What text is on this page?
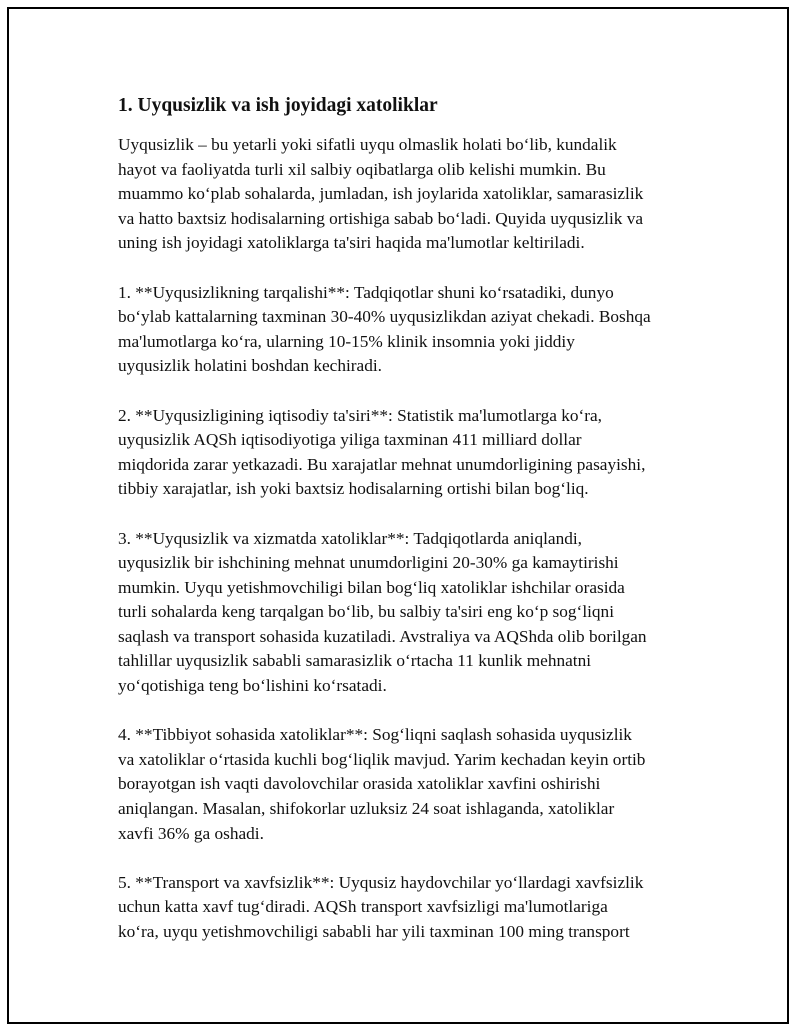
1. Uyqusizlik va ish joyidagi xatoliklar

Uyqusizlik – bu yetarli yoki sifatli uyqu olmaslik holati bo‘lib, kundalik
hayot va faoliyatda turli xil salbiy oqibatlarga olib kelishi mumkin. Bu
muammo ko‘plab sohalarda, jumladan, ish joylarida xatoliklar, samarasizlik
va hatto baxtsiz hodisalarning ortishiga sabab bo‘ladi. Quyida uyqusizlik va
uning ish joyidagi xatoliklarga ta'siri haqida ma'lumotlar keltiriladi.

1. **Uyqusizlikning tarqalishi**: Tadqiqotlar shuni ko‘rsatadiki, dunyo
bo‘ylab kattalarning taxminan 30-40% uyqusizlikdan aziyat chekadi. Boshqa
ma'lumotlarga ko‘ra, ularning 10-15% klinik insomnia yoki jiddiy
uyqusizlik holatini boshdan kechiradi.

2. **Uyqusizligining iqtisodiy ta'siri**: Statistik ma'lumotlarga ko‘ra,
uyqusizlik AQSh iqtisodiyotiga yiliga taxminan 411 milliard dollar
miqdorida zarar yetkazadi. Bu xarajatlar mehnat unumdorligining pasayishi,
tibbiy xarajatlar, ish yoki baxtsiz hodisalarning ortishi bilan bog‘liq.

3. **Uyqusizlik va xizmatda xatoliklar**: Tadqiqotlarda aniqlandi,
uyqusizlik bir ishchining mehnat unumdorligini 20-30% ga kamaytirishi
mumkin. Uyqu yetishmovchiligi bilan bog‘liq xatoliklar ishchilar orasida
turli sohalarda keng tarqalgan bo‘lib, bu salbiy ta'siri eng ko‘p sog‘liqni
saqlash va transport sohasida kuzatiladi. Avstraliya va AQShda olib borilgan
tahlillar uyqusizlik sababli samarasizlik o‘rtacha 11 kunlik mehnatni
yo‘qotishiga teng bo‘lishini ko‘rsatadi.

4. **Tibbiyot sohasida xatoliklar**: Sog‘liqni saqlash sohasida uyqusizlik
va xatoliklar o‘rtasida kuchli bog‘liqlik mavjud. Yarim kechadan keyin ortib
borayotgan ish vaqti davolovchilar orasida xatoliklar xavfini oshirishi
aniqlangan. Masalan, shifokorlar uzluksiz 24 soat ishlaganda, xatoliklar
xavfi 36% ga oshadi.

5. **Transport va xavfsizlik**: Uyqusiz haydovchilar yo‘llardagi xavfsizlik
uchun katta xavf tug‘diradi. AQSh transport xavfsizligi ma'lumotlariga
ko‘ra, uyqu yetishmovchiligi sababli har yili taxminan 100 ming transport
